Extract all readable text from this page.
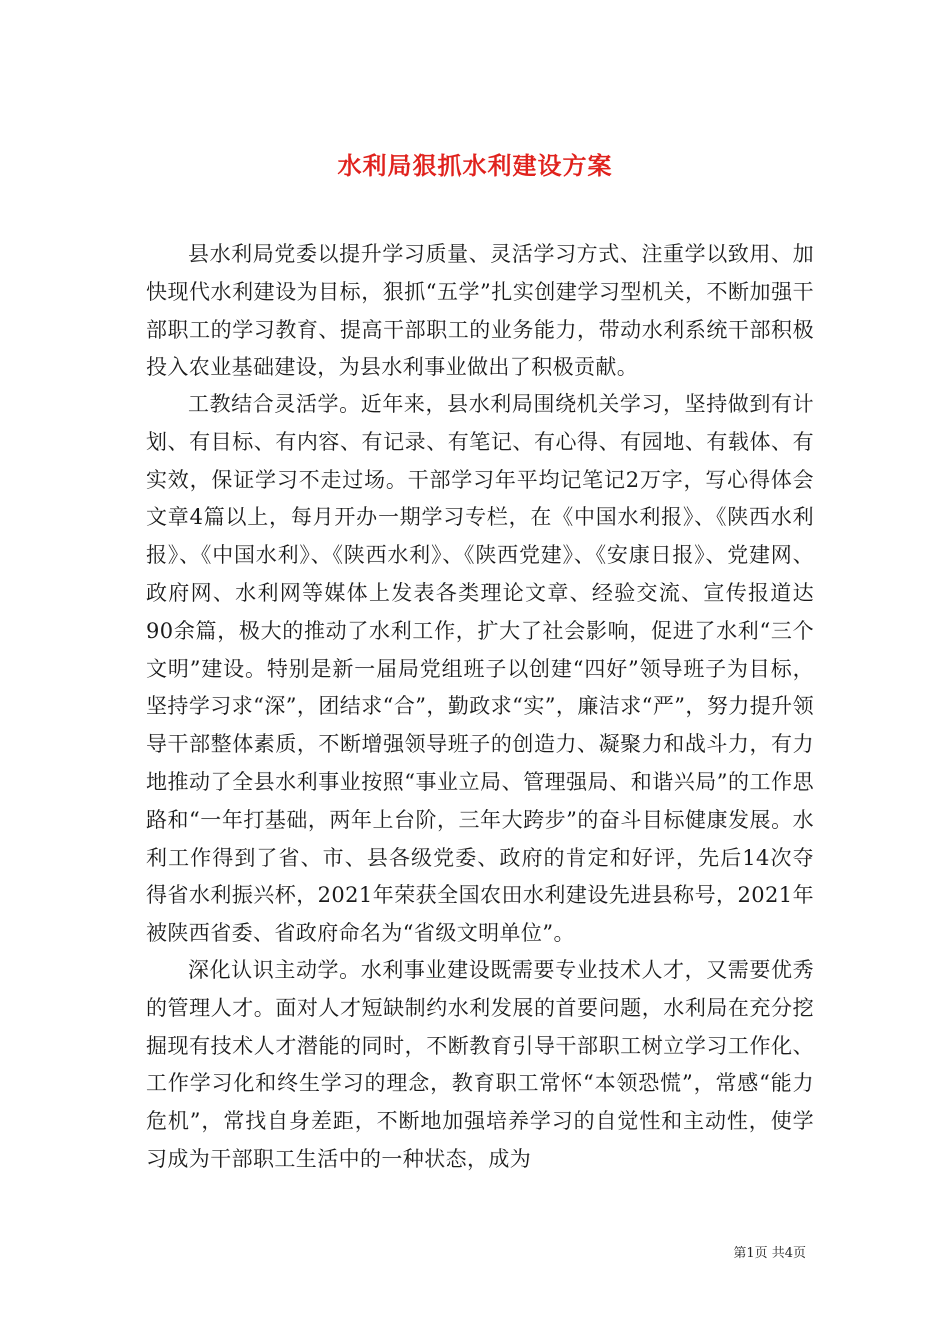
水利局狠抓水利建设方案

县水利局党委以提升学习质量、灵活学习方式、注重学以致用、加快现代水利建设为目标，狠抓“五学”扎实创建学习型机关，不断加强干部职工的学习教育、提高干部职工的业务能力，带动水利系统干部积极投入农业基础建设，为县水利事业做出了积极贡献。

工教结合灵活学。近年来，县水利局围绕机关学习，坚持做到有计划、有目标、有内容、有记录、有笔记、有心得、有园地、有载体、有实效，保证学习不走过场。干部学习年平均记笔记2万字，写心得体会文章4篇以上，每月开办一期学习专栏，在《中国水利报》、《陕西水利报》、《中国水利》、《陕西水利》、《陕西党建》、《安康日报》、党建网、政府网、水利网等媒体上发表各类理论文章、经验交流、宣传报道达90余篇，极大的推动了水利工作，扩大了社会影响，促进了水利“三个文明”建设。特别是新一届局党组班子以创建“四好”领导班子为目标，坚持学习求“深”，团结求“合”，勤政求“实”，廉洁求“严”，努力提升领导干部整体素质，不断增强领导班子的创造力、凝聚力和战斗力，有力地推动了全县水利事业按照“事业立局、管理强局、和谐兴局”的工作思路和“一年打基础，两年上台阶，三年大跨步”的奋斗目标健康发展。水利工作得到了省、市、县各级党委、政府的肯定和好评，先后14次夺得省水利振兴杯，2021年荣获全国农田水利建设先进县称号，2021年被陕西省委、省政府命名为“省级文明单位”。

深化认识主动学。水利事业建设既需要专业技术人才，又需要优秀的管理人才。面对人才短缺制约水利发展的首要问题，水利局在充分挖掘现有技术人才潜能的同时，不断教育引导干部职工树立学习工作化、工作学习化和终生学习的理念，教育职工常怀“本领恐慌”，常感“能力危机”，常找自身差距，不断地加强培养学习的自觉性和主动性，使学习成为干部职工生活中的一种状态，成为

第1页 共4页
